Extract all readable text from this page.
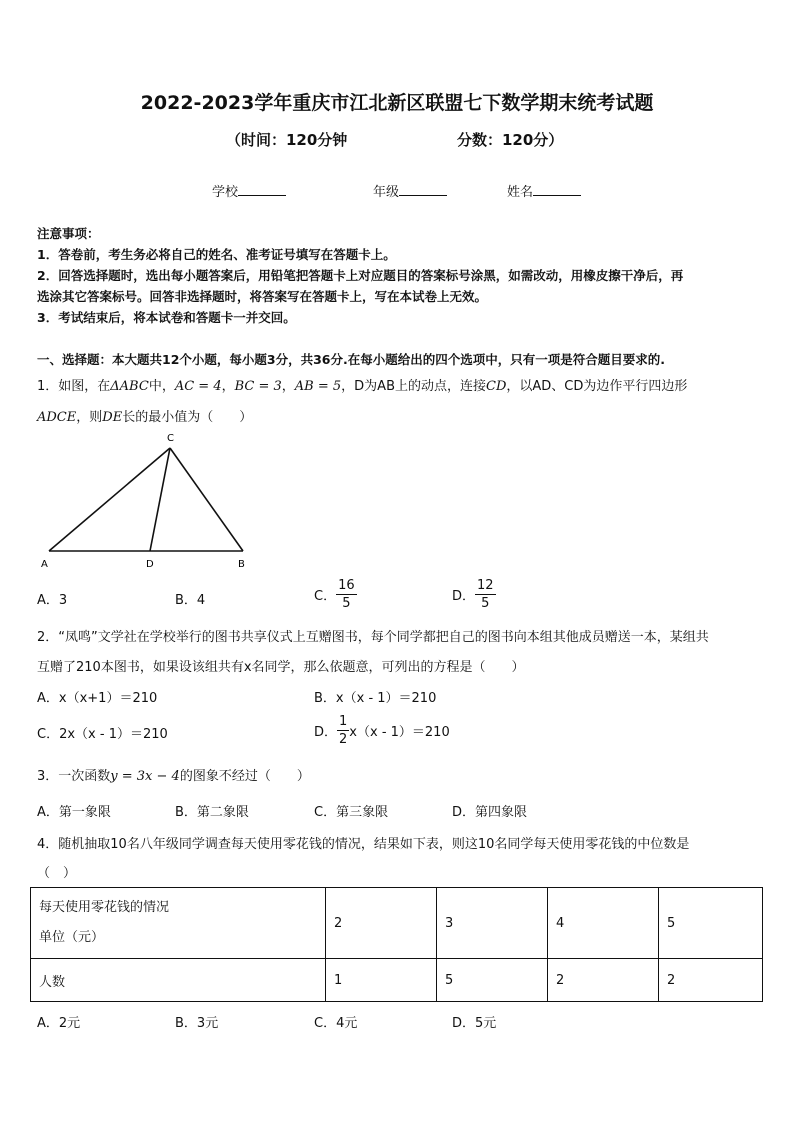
2022-2023学年重庆市江北新区联盟七下数学期末统考试题
（时间：120分钟	分数：120分）
学校	年级	姓名
注意事项：
1．答卷前，考生务必将自己的姓名、准考证号填写在答题卡上。
2．回答选择题时，选出每小题答案后，用铅笔把答题卡上对应题目的答案标号涂黑，如需改动，用橡皮擦干净后，再
选涂其它答案标号。回答非选择题时，将答案写在答题卡上，写在本试卷上无效。
3．考试结束后，将本试卷和答题卡一并交回。
一、选择题：本大题共12个小题，每小题3分，共36分.在每小题给出的四个选项中，只有一项是符合题目要求的.
1．如图，在ΔABC中，AC = 4，BC = 3，AB = 5，D为AB上的动点，连接CD，以AD、CD为边作平行四边形
ADCE，则DE长的最小值为（　　）
C
A	D	B
A．3	B．4	C． $\frac{16}{5}$	D． $\frac{12}{5}$
2．“凤鸣”文学社在学校举行的图书共享仪式上互赠图书，每个同学都把自己的图书向本组其他成员赠送一本，某组共
互赠了210本图书，如果设该组共有x名同学，那么依题意，可列出的方程是（　　）
A．x（x+1）＝210	B．x（x - 1）＝210
C．2x（x - 1）＝210	D． $\frac{1}{2} x(x - 1)=210$
3．一次函数y = 3x − 4的图象不经过（　　）
A．第一象限	B．第二象限	C．第三象限	D．第四象限
4．随机抽取10名八年级同学调查每天使用零花钱的情况，结果如下表，则这10名同学每天使用零花钱的中位数是
（　）
每天使用零花钱的情况
单位（元）	2	3	4	5
人数	1	5	2	2
A．2元	B．3元	C．4元	D．5元
